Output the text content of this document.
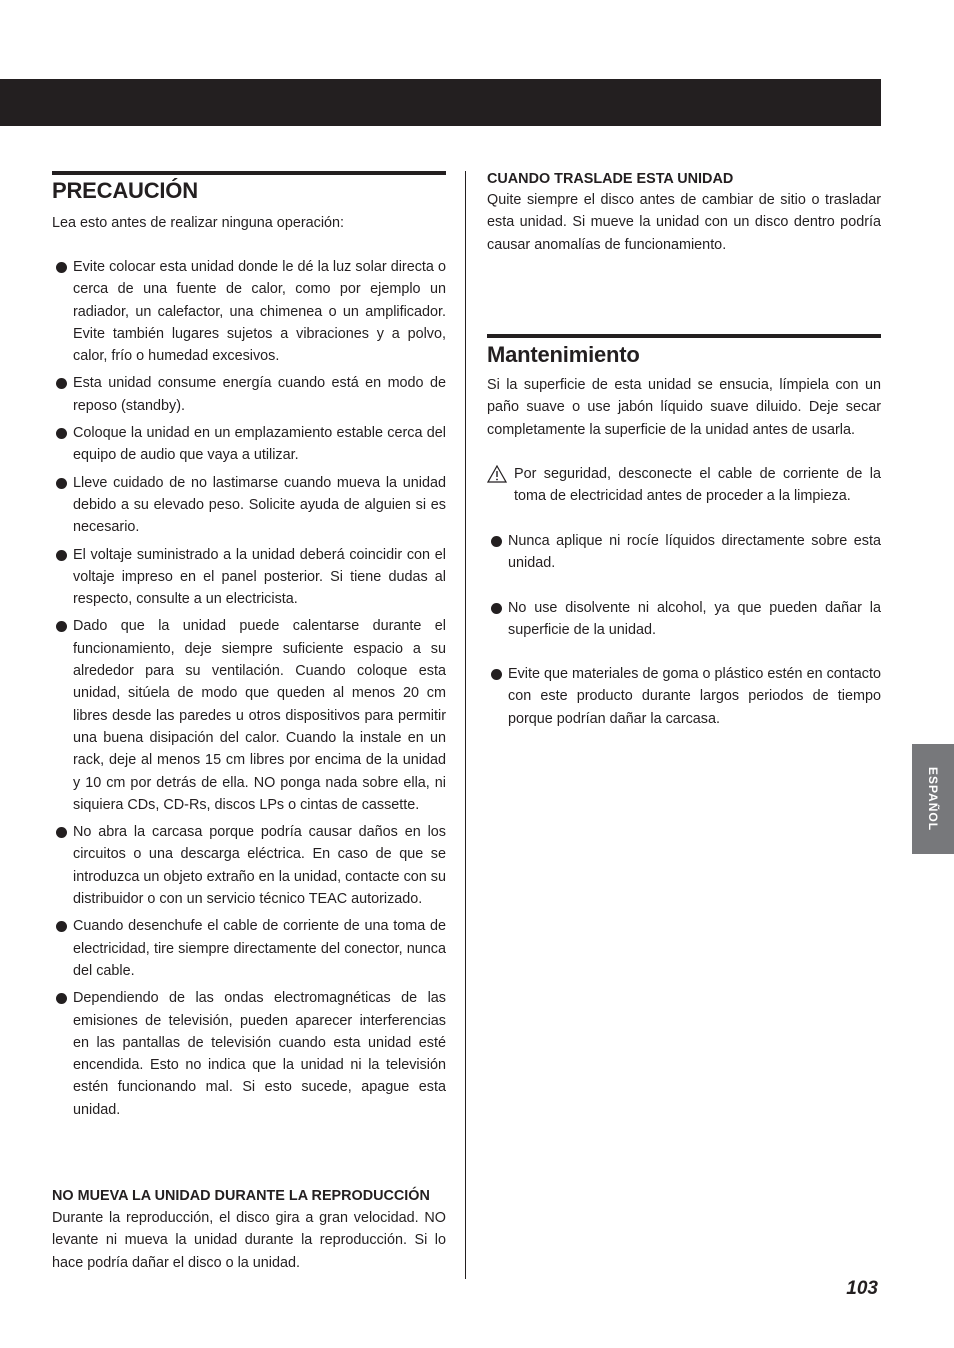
PRECAUCIÓN

Lea esto antes de realizar ninguna operación:

Evite colocar esta unidad donde le dé la luz solar directa o cerca de una fuente de calor, como por ejemplo un radiador, un calefactor, una chimenea o un amplificador. Evite también lugares sujetos a vibraciones y a polvo, calor, frío o humedad excesivos.
Esta unidad consume energía cuando está en modo de reposo (standby).
Coloque la unidad en un emplazamiento estable cerca del equipo de audio que vaya a utilizar.
Lleve cuidado de no lastimarse cuando mueva la unidad debido a su elevado peso. Solicite ayuda de alguien si es necesario.
El voltaje suministrado a la unidad deberá coincidir con el voltaje impreso en el panel posterior. Si tiene dudas al respecto, consulte a un electricista.
Dado que la unidad puede calentarse durante el funcionamiento, deje siempre suficiente espacio a su alrededor para su ventilación. Cuando coloque esta unidad, sitúela de modo que queden al menos 20 cm libres desde las paredes u otros dispositivos para permitir una buena disipación del calor. Cuando la instale en un rack, deje al menos 15 cm libres por encima de la unidad y 10 cm por detrás de ella. NO ponga nada sobre ella, ni siquiera CDs, CD-Rs, discos LPs o cintas de cassette.
No abra la carcasa porque podría causar daños en los circuitos o una descarga eléctrica. En caso de que se introduzca un objeto extraño en la unidad, contacte con su distribuidor o con un servicio técnico TEAC autorizado.
Cuando desenchufe el cable de corriente de una toma de electricidad, tire siempre directamente del conector, nunca del cable.
Dependiendo de las ondas electromagnéticas de las emisiones de televisión, pueden aparecer interferencias en las pantallas de televisión cuando esta unidad esté encendida. Esto no indica que la unidad ni la televisión estén funcionando mal. Si esto sucede, apague esta unidad.
NO MUEVA LA UNIDAD DURANTE LA REPRODUCCIÓN

Durante la reproducción, el disco gira a gran velocidad. NO levante ni mueva la unidad durante la reproducción. Si lo hace podría dañar el disco o la unidad.

CUANDO TRASLADE ESTA UNIDAD

Quite siempre el disco antes de cambiar de sitio o trasladar esta unidad. Si mueve la unidad con un disco dentro podría causar anomalías de funcionamiento.

Mantenimiento

Si la superficie de esta unidad se ensucia, límpiela con un paño suave o use jabón líquido suave diluido. Deje secar completamente la superficie de la unidad antes de usarla.

Por seguridad, desconecte el cable de corriente de la toma de electricidad antes de proceder a la limpieza.

Nunca aplique ni rocíe líquidos directamente sobre esta unidad.
No use disolvente ni alcohol, ya que pueden dañar la superficie de la unidad.
Evite que materiales de goma o plástico estén en contacto con este producto durante largos periodos de tiempo porque podrían dañar la carcasa.
ESPAÑOL
103
